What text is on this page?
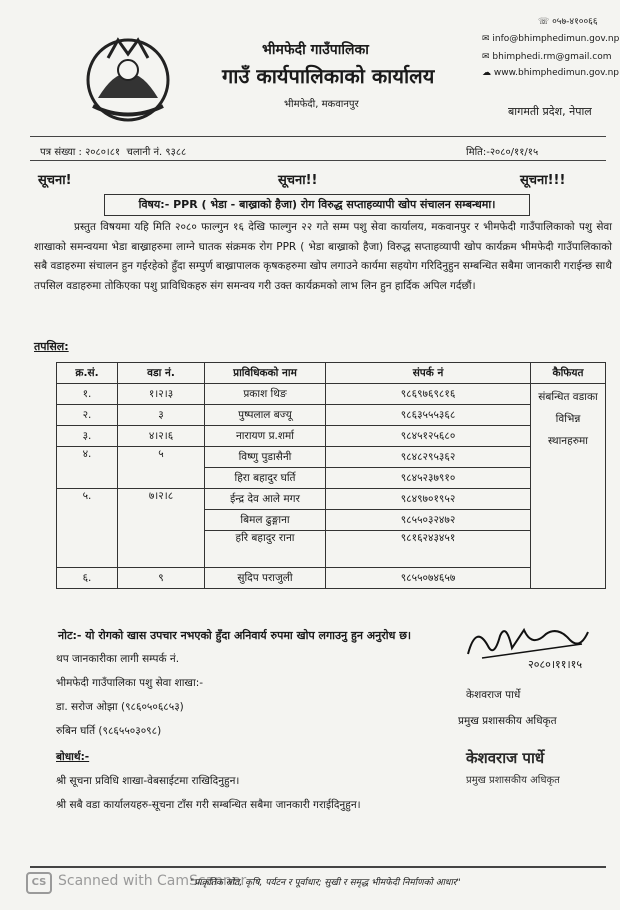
भीमफेदी गाउँपालिका
गाउँ कार्यपालिकाको कार्यालय
भीमफेदी, मकवानपुर
☏ ०५७-४१००६६
✉ info@bhimphedimun.gov.np
✉ bhimphedi.rm@gmail.com
☁ www.bhimphedimun.gov.np
बागमती प्रदेश, नेपाल
पत्र संख्या : २०८०।८१ चलानी नं. ९३८८	मिति:-२०८०/११/१५
सूचना!	सूचना!!	सूचना!!!
विषय:- PPR ( भेडा - बाख्राको हैजा) रोग विरुद्ध सप्ताहव्यापी खोप संचालन सम्बन्धमा।
प्रस्तुत विषयमा यहि मिति २०८० फाल्गुन १६ देखि फाल्गुन २२ गते सम्म पशु सेवा कार्यालय, मकवानपुर र भीमफेदी गाउँपालिकाको पशु सेवा शाखाको समन्वयमा भेडा बाख्राहरुमा लाग्ने घातक संक्रमक रोग PPR ( भेडा बाख्राको हैजा) विरुद्ध सप्ताहव्यापी खोप कार्यक्रम भीमफेदी गाउँपालिकाको सबै वडाहरुमा संचालन हुन गईरहेको हुँदा सम्पुर्ण बाख्रापालक कृषकहरुमा खोप लगाउने कार्यमा सहयोग गरिदिनुहुन सम्बन्धित सबैमा जानकारी गराईन्छ साथै तपसिल वडाहरुमा तोकिएका पशु प्राविधिकहरु संग समन्वय गरी उक्त कार्यक्रमको लाभ लिन हुन हार्दिक अपिल गर्दछौं।
तपसिल:
क्र.सं.	वडा नं.	प्राविधिकको नाम	संपर्क नं	कैफियत
१.	१।२।३	प्रकाश थिङ	९८६९७६९८१६	संबन्धित वडाका विभिन्न स्थानहरुमा
२.	३	पुष्पलाल बज्यू	९८६३५५५३६८	
३.	४।२।६	नारायण प्र.शर्मा	९८४५१२५६८०	
४.	५	विष्णु पुडासैनी	९८४८२९५३६२	
		हिरा बहादुर घर्ति	९८४५२३७९१०	
५.	७।२।८	ईन्द्र देव आले मगर	९८४९७०१९५२	
		बिमल ढुङ्गाना	९८५५०३२४७२	
		हरि बहादुर राना	९८१६२४३४५१	
६.	९	सुदिप पराजुली	९८५५०७४६५७	
नोट:- यो रोगको खास उपचार नभएको हुँदा अनिवार्य रुपमा खोप लगाउनु हुन अनुरोध छ।
थप जानकारीका लागी सम्पर्क नं.
भीमफेदी गाउँपालिका पशु सेवा शाखा:-
डा. सरोज ओझा (९८६०५०६८५३)
रुबिन घर्ति (९८६५५०३०९८)
बोधार्थ:-
श्री सूचना प्रविधि शाखा-वेबसाईटमा राखिदिनुहुन।
श्री सबै वडा कार्यालयहरु-सूचना टाँस गरी सम्बन्धित सबैमा जानकारी गराईदिनुहुन।
२०८०।११।१५
केशवराज पार्धे
प्रमुख प्रशासकीय अधिकृत
केशवराज पार्धे
प्रमुख प्रशासकीय अधिकृत
CS Scanned with CamScanner
"प्राकृतिक स्रोत, कृषि, पर्यटन र पूर्वाधार; सुखी र समृद्ध भीमफेदी निर्माणको आधार"
